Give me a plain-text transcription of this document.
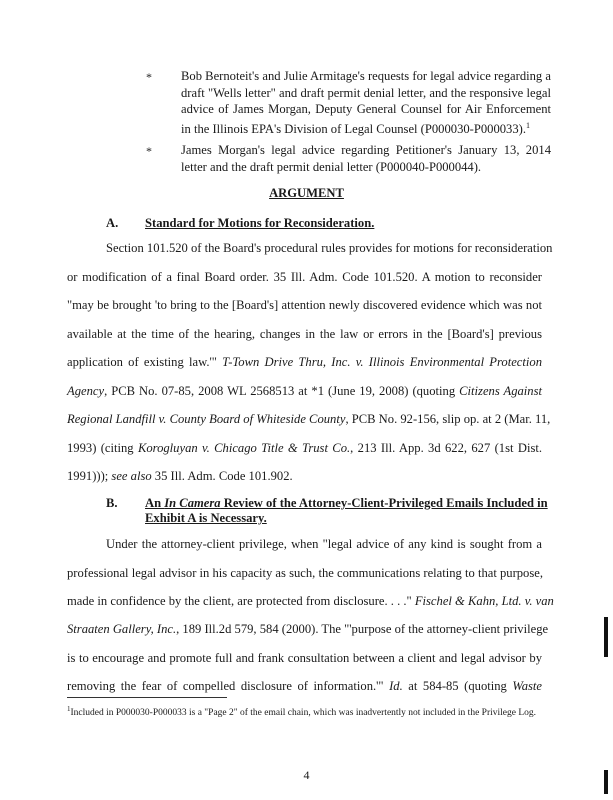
* Bob Bernoteit's and Julie Armitage's requests for legal advice regarding a draft "Wells letter" and draft permit denial letter, and the responsive legal advice of James Morgan, Deputy General Counsel for Air Enforcement in the Illinois EPA's Division of Legal Counsel (P000030-P000033).$^1$
* James Morgan's legal advice regarding Petitioner's January 13, 2014 letter and the draft permit denial letter (P000040-P000044).
ARGUMENT
A. Standard for Motions for Reconsideration.
Section 101.520 of the Board's procedural rules provides for motions for reconsideration
or modification of a final Board order. 35 Ill. Adm. Code 101.520. A motion to reconsider
"may be brought 'to bring to the [Board's] attention newly discovered evidence which was not
available at the time of the hearing, changes in the law or errors in the [Board's] previous
application of existing law.'" T-Town Drive Thru, Inc. v. Illinois Environmental Protection
Agency, PCB No. 07-85, 2008 WL 2568513 at *1 (June 19, 2008) (quoting Citizens Against
Regional Landfill v. County Board of Whiteside County, PCB No. 92-156, slip op. at 2 (Mar. 11,
1993) (citing Korogluyan v. Chicago Title & Trust Co., 213 Ill. App. 3d 622, 627 (1st Dist.
1991))); see also 35 Ill. Adm. Code 101.902.
B. An In Camera Review of the Attorney-Client-Privileged Emails Included in
Exhibit A is Necessary.
Under the attorney-client privilege, when "legal advice of any kind is sought from a
professional legal advisor in his capacity as such, the communications relating to that purpose,
made in confidence by the client, are protected from disclosure. . . ." Fischel & Kahn, Ltd. v. van
Straaten Gallery, Inc., 189 Ill.2d 579, 584 (2000). The "'purpose of the attorney-client privilege
is to encourage and promote full and frank consultation between a client and legal advisor by
removing the fear of compelled disclosure of information.'" Id. at 584-85 (quoting Waste
$^1$Included in P000030-P000033 is a "Page 2" of the email chain, which was inadvertently not included in the Privilege Log.
4
